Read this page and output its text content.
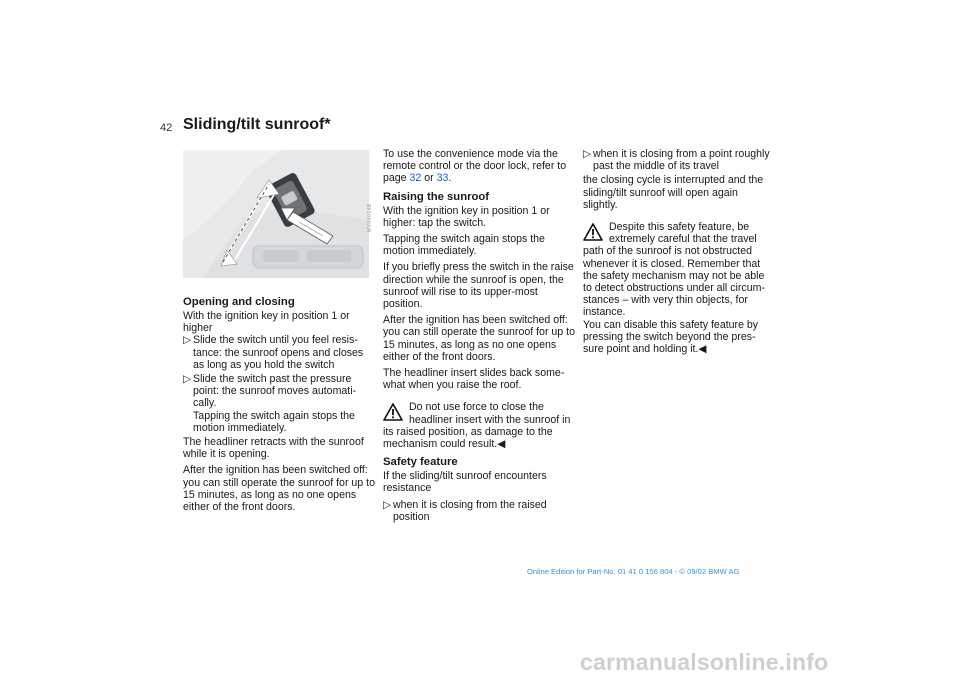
42 Sliding/tilt sunroof*
MV04014B
Opening and closing

With the ignition key in position 1 or higher

▷ Slide the switch until you feel resis-tance: the sunroof opens and closes as long as you hold the switch
▷ Slide the switch past the pressure point: the sunroof moves automati-cally.
Tapping the switch again stops the motion immediately.

The headliner retracts with the sunroof while it is opening.

After the ignition has been switched off: you can still operate the sunroof for up to 15 minutes, as long as no one opens either of the front doors.

To use the convenience mode via the remote control or the door lock, refer to page 32 or 33.

Raising the sunroof

With the ignition key in position 1 or higher: tap the switch.

Tapping the switch again stops the motion immediately.

If you briefly press the switch in the raise direction while the sunroof is open, the sunroof will rise to its upper-most position.

After the ignition has been switched off: you can still operate the sunroof for up to 15 minutes, as long as no one opens either of the front doors.

The headliner insert slides back some-what when you raise the roof.

Do not use force to close the headliner insert with the sunroof in
its raised position, as damage to the mechanism could result.◀
Safety feature

If the sliding/tilt sunroof encounters resistance

▷ when it is closing from the raised position
▷ when it is closing from a point roughly past the middle of its travel

the closing cycle is interrupted and the sliding/tilt sunroof will open again slightly.

Despite this safety feature, be extremely careful that the travel
path of the sunroof is not obstructed whenever it is closed. Remember that the safety mechanism may not be able to detect obstructions under all circum-stances – with very thin objects, for instance.
You can disable this safety feature by pressing the switch beyond the pres-sure point and holding it.◀
Online Edition for Part-No. 01 41 0 156 804 - © 09/02 BMW AG
carmanualsonline.info
